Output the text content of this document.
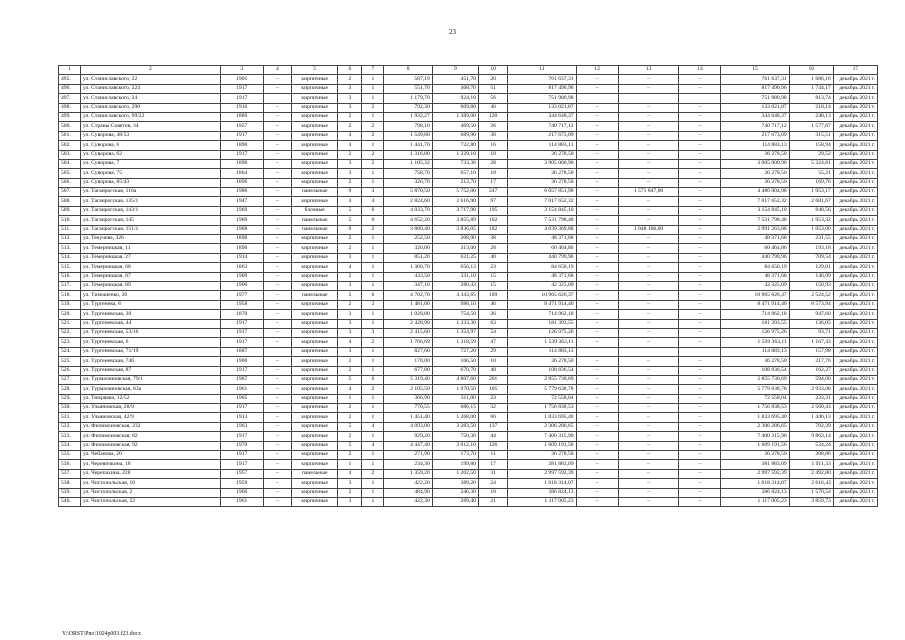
23
1	2	3	4	5	6	7	8	9	10	11	12	13	14	15	16	17
495.	ул. Станиславского, 22	1901	–	кирпичные	2	1	587,19	451,70	20	761 637,31	–	–	–	761 637,31	1 686,16	декабрь 2021 г.
496.	ул. Станиславского, 224	1917	–	кирпичные	3	1	551,70	468,70	51	817 490,96	–	–	–	817 490,96	1 744,17	декабрь 2021 г.
497.	ул. Станиславского, 24	1917		кирпичные	3	1	1 179,70	924,10	56	751 980,98				751 980,98	813,74	декабрь 2021 г.
498.	ул. Станиславского, 290	1916	–	кирпичные	3	2	792,30	609,80	46	133 021,87	–	–	–	133 021,87	218,14	декабрь 2021 г.
499.	ул. Станиславского, 99/22	1889	–	кирпичные	2	1	1 932,27	1 389,00	120	344 648,37	–	–	–	344 648,37	248,13	декабрь 2021 г.
500.	ул. Страны Советов, 34	1957	–	кирпичные	2	2	798,10	469,50	26	740 717,12	–	–	–	740 717,12	1 577,67	декабрь 2021 г.
501.	ул. Суворова, 48/53	1917	–	кирпичные	4	2	1 549,80	689,90	38	217 673,09	–	–	–	217 673,09	315,51	декабрь 2021 г.
502.	ул. Суворова, 6	1890	–	кирпичные	4	1	1 441,70	722,80	16	114 883,13	–	–	–	114 883,13	158,94	декабрь 2021 г.
503.	ул. Суворова, 62	1917	–	кирпичные	2	2	1 316,80	1 229,10	18	36 278,50	–	–	–	36 278,50	29,52	декабрь 2021 г.
504.	ул. Суворова, 7	1896	–	кирпичные	3	2	1 105,32	733,36	28	3 905 000,90	–	–	–	3 905 000,90	5 324,81	декабрь 2021 г.
505.	ул. Суворова, 75	1864	–	кирпичные	3	1	758,70	657,10	18	36 278,50	–	–	–	36 278,50	55,21	декабрь 2021 г.
506.	ул. Суворова, 85/43	1896	–	кирпичные	2	1	326,70	213,70	17	36 278,50	–	–	–	36 278,50	169,76	декабрь 2021 г.
507.	ул. Таганрогская, 116а	1986	–	панельные	9	3	5 870,50	5 752,00	247	6 057 851,98	–	1 571 847,00	–	4 486 004,98	1 053,17	декабрь 2021 г.
508.	ул. Таганрогская, 135/1	1947	–	кирпичные	4	4	2 824,60	2 616,90	97	7 017 652,32	–	–	–	7 017 652,32	2 681,67	декабрь 2021 г.
509.	ул. Таганрогская, 143/1	1969	–	блочные	5	6	4 033,70	3 717,90	195	3 154 845,10	–	–	–	3 154 845,10	848,56	декабрь 2021 г.
510.	ул. Таганрогская, 145	1969	–	панельные	5	6	4 652,20	3 855,89	162	7 531 798,48	–	–	–	7 531 798,48	1 953,32	декабрь 2021 г.
511.	ул. Таганрогская, 151/1	1968	–	панельные	9	2	3 880,40	3 836,05	182	4 039 369,88	–	1 048 106,00	–	2 991 263,88	1 053,00	декабрь 2021 г.
512.	ул. Текучева, 326	1890	–	кирпичные	2	1	252,50	208,90	38	48 371,68	–	–	–	48 371,68	231,55	декабрь 2021 г.
513.	ул. Темерницкая, 11	1890	–	кирпичные	2	1	320,00	313,00	28	60 464,86	–	–	–	60 464,86	193,18	декабрь 2021 г.
514.	ул. Темерницкая, 27	1914	–	кирпичные	3	1	851,20	621,25	40	440 799,96	–	–	–	440 799,96	709,54	декабрь 2021 г.
515.	ул. Темерницкая, 68	1863	–	кирпичные	4	1	1 360,70	656,13	23	84 650,19	–	–	–	84 650,19	129,01	декабрь 2021 г.
516.	ул. Темерницкая, 87	1909	–	кирпичные	2	1	433,50	331,10	15	48 371,68	–	–	–	48 371,68	146,09	декабрь 2021 г.
517.	ул. Темерницкая, 89	1900	–	кирпичные	3	1	347,10	280,43	15	42 325,09	–	–	–	42 325,09	150,93	декабрь 2021 г.
518.	ул. Тимошенко, 20	1977	–	панельные	5	6	4 702,70	4 343,65	189	10 965 626,37	–	–	–	10 965 626,37	2 524,52	декабрь 2021 г.
519.	ул. Тургенева, 8	1958	–	кирпичные	2	2	1 481,00	988,10	46	8 471 914,40	–	–	–	8 471 914,40	8 573,94	декабрь 2021 г.
520.	ул. Тургеневская, 30	1870	–	кирпичные	3	1	1 028,80	754,50	26	714 962,18	–	–	–	714 962,18	947,60	декабрь 2021 г.
521.	ул. Тургеневская, 44	1917	–	кирпичные	3	1	2 428,90	1 333,30	63	181 393,55	–	–	–	181 393,55	136,05	декабрь 2021 г.
522.	ул. Тургеневская, 53/16	1917	–	кирпичные	3	3	2 415,60	1 354,97	54	126 975,26	–	–	–	126 975,26	93,71	декабрь 2021 г.
523.	ул. Тургеневская, 6	1917	–	кирпичные	4	2	1 766,69	1 318,59	47	1 539 363,11	–	–	–	1 539 363,11	1 167,43	декабрь 2021 г.
524.	ул. Тургеневская, 71/19	1887		кирпичные	3	1	827,60	727,20	29	114 883,13				114 883,13	157,98	декабрь 2021 г.
525.	ул. Тургеневская, 74б	1900	–	кирпичные	2	1	170,00	166,50	10	36 278,50	–	–	–	36 278,50	217,76	декабрь 2021 г.
526.	ул. Тургеневская, 87	1917	–	кирпичные	2	1	677,80	670,70	48	108 836,54	–	–	–	108 836,54	162,27	декабрь 2021 г.
527.	ул. Турмалиновская, 79/1	1967	–	кирпичные	5	6	5 319,40	4 807,60	201	2 855 730,69	–	–	–	2 855 730,69	594,00	декабрь 2021 г.
528.	ул. Турмалиновская, 83а	1961	–	кирпичные	4	2	2 105,50	1 970,50	105	5 779 638,78	–	–	–	5 779 638,78	2 933,08	декабрь 2021 г.
529.	ул. Тюхряева, 12/52	1905	–	кирпичные	1	1	366,90	311,00	23	72 558,04	–	–	–	72 558,04	233,31	декабрь 2021 г.
530.	ул. Ульяновская, 28/9	1917	–	кирпичные	2	1	770,55	686,15	32	1 756 838,53	–	–	–	1 756 838,53	2 560,43	декабрь 2021 г.
531.	ул. Ульяновская, 42/9	1913	–	кирпичные	2	1	1 451,40	1 268,00	66	1 833 695,40	–	–	–	1 833 695,40	1 446,13	декабрь 2021 г.
532.	ул. Филимоновская, 232	1963	–	кирпичные	5	4	4 093,00	3 283,50	137	2 306 286,65	–	–	–	2 306 286,65	702,39	декабрь 2021 г.
533.	ул. Филимоновская, 82	1917	–	кирпичные	2	1	929,20	750,30	44	7 400 315,90	–	–	–	7 400 315,90	9 863,14	декабрь 2021 г.
534.	ул. Филимоновская, 92	1970	–	кирпичные	5	4	4 447,40	3 012,10	126	1 609 191,56	–	–	–	1 609 191,56	534,24	декабрь 2021 г.
535.	ул. Чебанова, 20	1917	–	кирпичные	2	1	271,90	173,70	11	36 278,50	–	–	–	36 278,50	208,86	декабрь 2021 г.
536.	ул. Черевичкина, 18	1917	–	кирпичные	1	1	234,30	199,80	17	381 883,09	–	–	–	381 883,09	1 911,33	декабрь 2021 г.
537.	ул. Черепахина, 228	1957	–	панельные	4	2	1 359,20	1 202,50	31	2 997 592,39	–	–	–	2 997 592,39	2 492,80	декабрь 2021 г.
538.	ул. Чистопольская, 10	1959	–	кирпичные	3	1	422,20	389,20	24	1 018 314,07	–	–	–	1 018 314,07	2 616,43	декабрь 2021 г.
539.	ул. Чистопольская, 2	1960	–	кирпичные	2	1	484,90	246,30	18	386 824,13	–	–	–	386 824,13	1 570,54	декабрь 2021 г.
540.	ул. Чистопольская, 22	1961	–	кирпичные	3	1	422,30	289,40	21	1 117 005,23	–	–	–	1 117 005,23	3 859,73	декабрь 2021 г.
Y:\ORST\Pno\1024p003.f23.docx
